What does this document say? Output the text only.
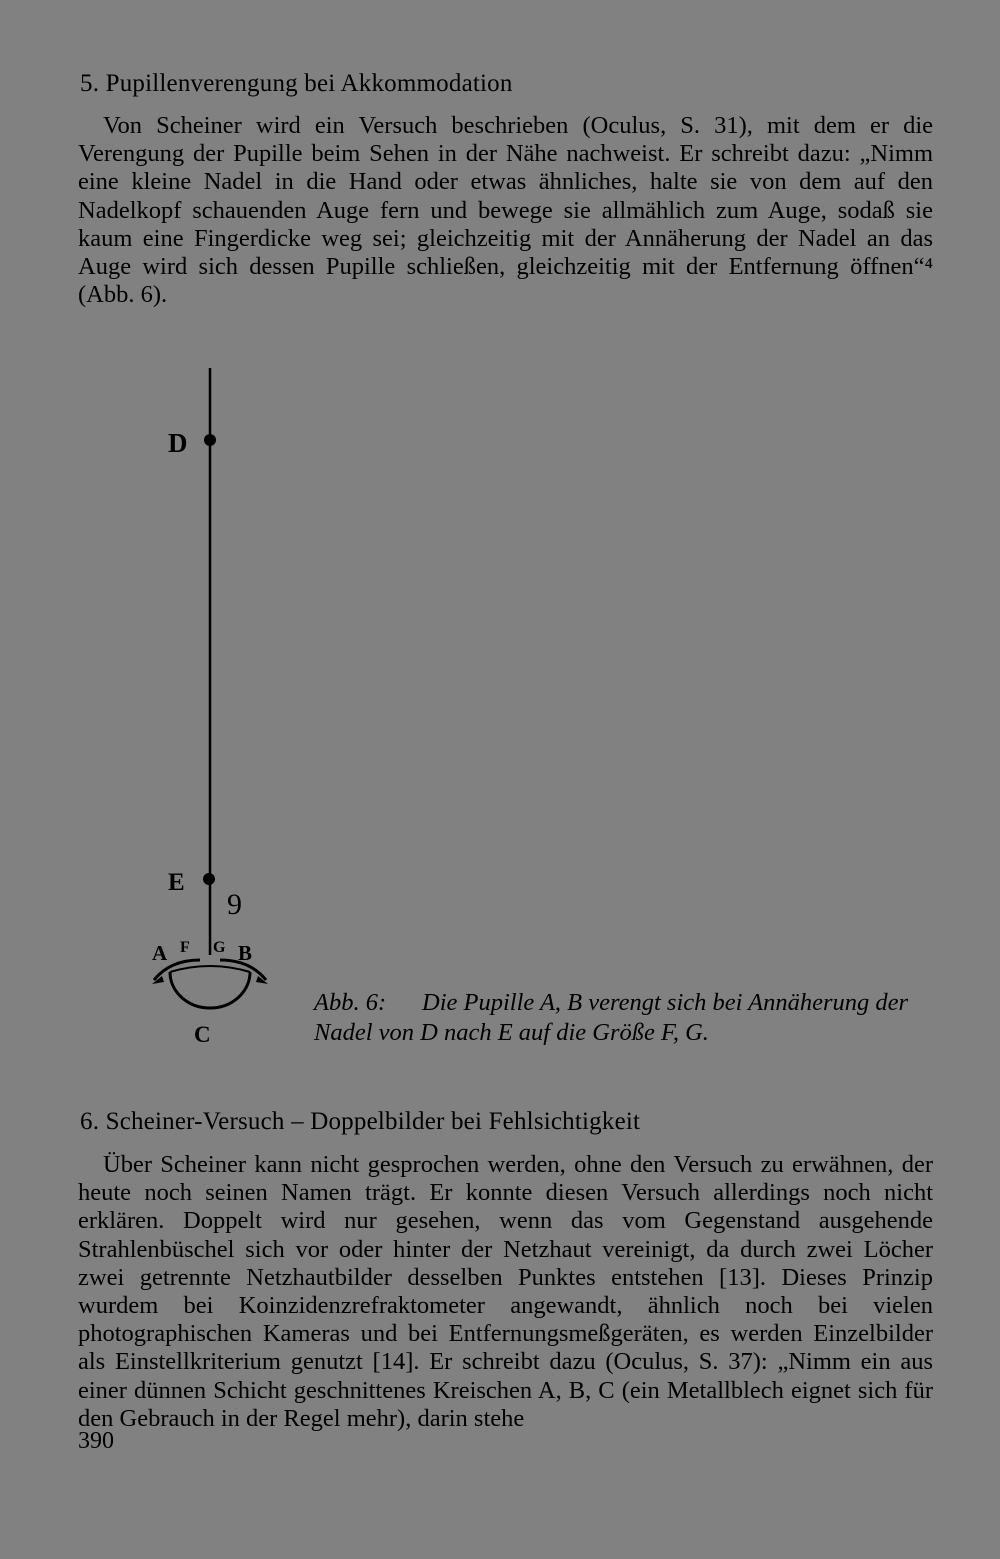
5. Pupillenverengung bei Akkommodation

Von Scheiner wird ein Versuch beschrieben (Oculus, S. 31), mit dem er die Verengung der Pupille beim Sehen in der Nähe nachweist. Er schreibt dazu: „Nimm eine kleine Nadel in die Hand oder etwas ähnliches, halte sie von dem auf den Nadelkopf schauenden Auge fern und bewege sie allmählich zum Auge, sodaß sie kaum eine Fingerdicke weg sei; gleichzeitig mit der Annäherung der Nadel an das Auge wird sich dessen Pupille schließen, gleichzeitig mit der Entfernung öffnen“⁴ (Abb. 6).

D
E
9
A F G B
C

Abb. 6: Die Pupille A, B verengt sich bei Annäherung der Nadel von D nach E auf die Größe F, G.

6. Scheiner-Versuch – Doppelbilder bei Fehlsichtigkeit

Über Scheiner kann nicht gesprochen werden, ohne den Versuch zu erwähnen, der heute noch seinen Namen trägt. Er konnte diesen Versuch allerdings noch nicht erklären. Doppelt wird nur gesehen, wenn das vom Gegenstand ausgehende Strahlenbüschel sich vor oder hinter der Netzhaut vereinigt, da durch zwei Löcher zwei getrennte Netzhautbilder desselben Punktes entstehen [13]. Dieses Prinzip wurdem bei Koinzidenzrefraktometer angewandt, ähnlich noch bei vielen photographischen Kameras und bei Entfernungsmeßgeräten, es werden Einzelbilder als Einstellkriterium genutzt [14]. Er schreibt dazu (Oculus, S. 37): „Nimm ein aus einer dünnen Schicht geschnittenes Kreischen A, B, C (ein Metallblech eignet sich für den Gebrauch in der Regel mehr), darin stehe

390
